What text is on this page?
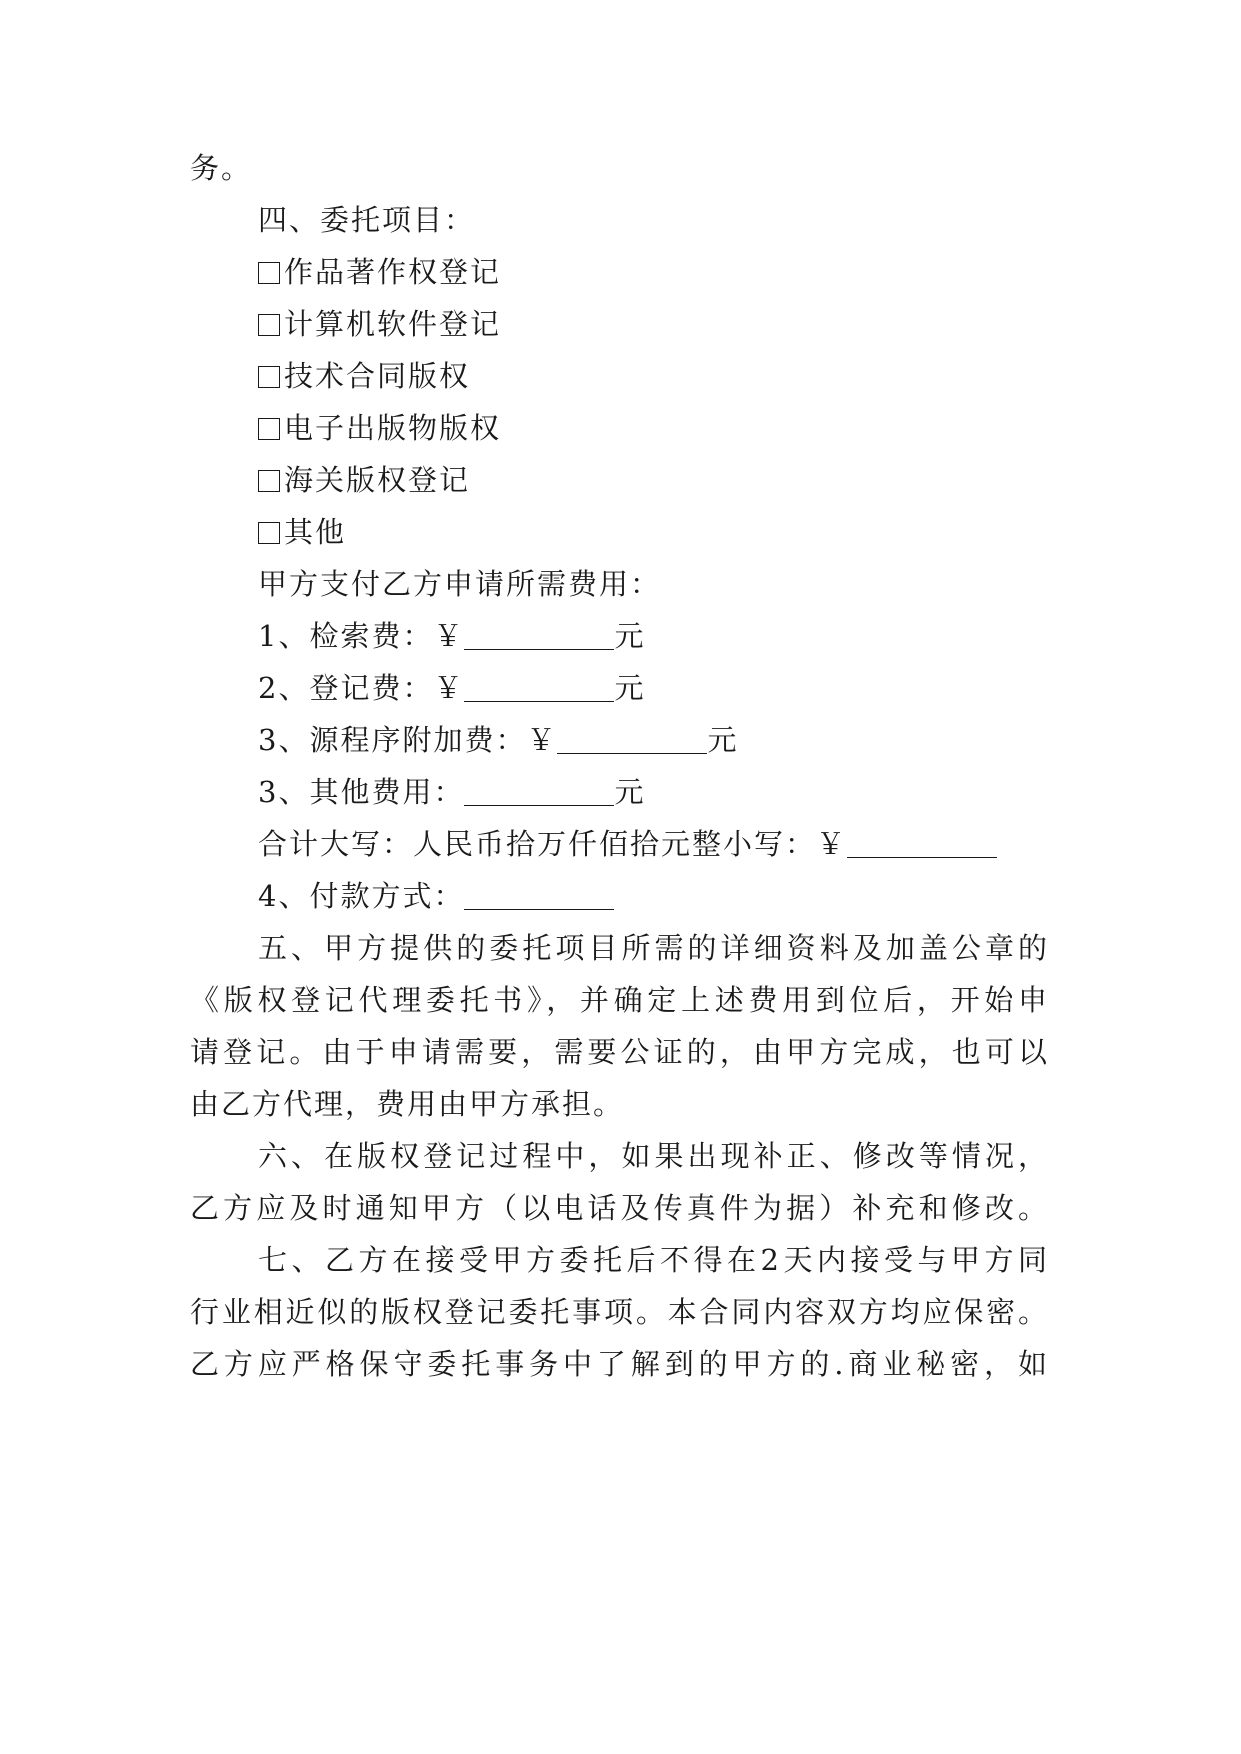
务。
四、委托项目：
作品著作权登记
计算机软件登记
技术合同版权
电子出版物版权
海关版权登记
其他
甲方支付乙方申请所需费用：
1、检索费：￥	元
2、登记费：￥	元
3、源程序附加费：￥	元
3、其他费用：	元
合计大写：人民币拾万仟佰拾元整小写：￥
4、付款方式：
五、甲方提供的委托项目所需的详细资料及加盖公章的
《版权登记代理委托书》，并确定上述费用到位后，开始申
请登记。由于申请需要，需要公证的，由甲方完成，也可以
由乙方代理，费用由甲方承担。
六、在版权登记过程中，如果出现补正、修改等情况，
乙方应及时通知甲方（以电话及传真件为据）补充和修改。
七、乙方在接受甲方委托后不得在2天内接受与甲方同
行业相近似的版权登记委托事项。本合同内容双方均应保密。
乙方应严格保守委托事务中了解到的甲方的.商业秘密，如
